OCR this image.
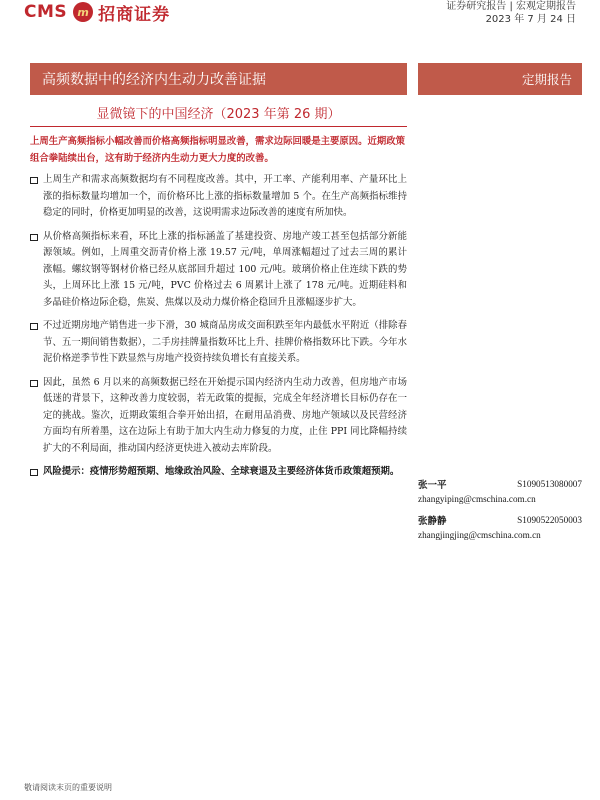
CMS m 招商证券	证券研究报告 | 宏观定期报告
2023 年 7 月 24 日
高频数据中的经济内生动力改善证据	定期报告
显微镜下的中国经济（2023 年第 26 期）
上周生产高频指标小幅改善而价格高频指标明显改善，需求边际回暖是主要原因。近期政策组合拳陆续出台，这有助于经济内生动力更大力度的改善。
上周生产和需求高频数据均有不同程度改善。其中，开工率、产能利用率、产量环比上涨的指标数量均增加一个，而价格环比上涨的指标数量增加 5 个。在生产高频指标维持稳定的同时，价格更加明显的改善，这说明需求边际改善的速度有所加快。
从价格高频指标来看，环比上涨的指标涵盖了基建投资、房地产竣工甚至包括部分新能源领域。例如，上周重交沥青价格上涨 19.57 元/吨，单周涨幅超过了过去三周的累计涨幅。螺纹钢等钢材价格已经从底部回升超过 100 元/吨。玻璃价格止住连续下跌的势头，上周环比上涨 15 元/吨，PVC 价格过去 6 周累计上涨了 178 元/吨。近期硅料和多晶硅价格边际企稳，焦炭、焦煤以及动力煤价格企稳回升且涨幅逐步扩大。
不过近期房地产销售进一步下滑，30 城商品房成交面积跌至年内最低水平附近（排除春节、五一期间销售数据），二手房挂牌量指数环比上升、挂牌价格指数环比下跌。今年水泥价格逆季节性下跌显然与房地产投资持续负增长有直接关系。
因此，虽然 6 月以来的高频数据已经在开始提示国内经济内生动力改善，但房地产市场低迷的背景下，这种改善力度较弱，若无政策的提振，完成全年经济增长目标仍存在一定的挑战。鉴次，近期政策组合拳开始出招，在耐用品消费、房地产领域以及民营经济方面均有所着墨，这在边际上有助于加大内生动力修复的力度，止住 PPI 同比降幅持续扩大的不利局面，推动国内经济更快进入被动去库阶段。
风险提示：疫情形势超预期、地缘政治风险、全球衰退及主要经济体货币政策超预期。
张一平	S1090513080007
zhangyiping@cmschina.com.cn
张静静	S1090522050003
zhangjingjing@cmschina.com.cn
敬请阅读末页的重要说明
